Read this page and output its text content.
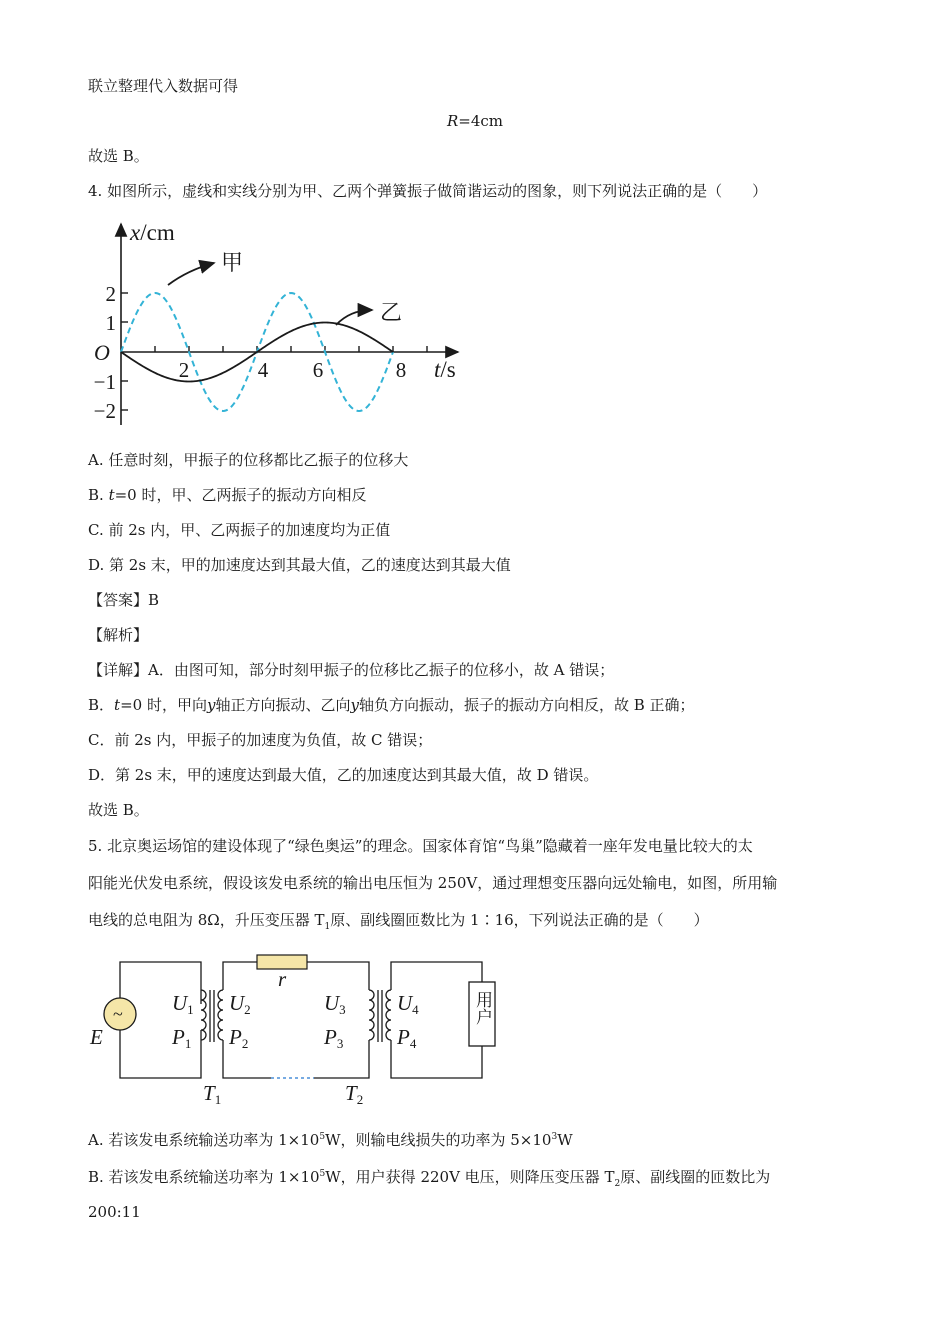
联立整理代入数据可得
R=4cm
故选 B。
4. 如图所示，虚线和实线分别为甲、乙两个弹簧振子做简谐运动的图象，则下列说法正确的是（　　）
x/cm
t/s
O
2
1
−1
−2
2	4 6	8
甲
乙
A. 任意时刻，甲振子的位移都比乙振子的位移大
B. t=0 时，甲、乙两振子的振动方向相反
C. 前 2s 内，甲、乙两振子的加速度均为正值
D. 第 2s 末，甲的加速度达到其最大值，乙的速度达到其最大值
【答案】B
【解析】
【详解】A．由图可知，部分时刻甲振子的位移比乙振子的位移小，故 A 错误；
B．t=0 时，甲向y轴正方向振动、乙向y轴负方向振动，振子的振动方向相反，故 B 正确；
C．前 2s 内，甲振子的加速度为负值，故 C 错误；
D．第 2s 末，甲的速度达到最大值，乙的加速度达到其最大值，故 D 错误。
故选 B。
5. 北京奥运场馆的建设体现了“绿色奥运”的理念。国家体育馆“鸟巢”隐藏着一座年发电量比较大的太
阳能光伏发电系统，假设该发电系统的输出电压恒为 250V，通过理想变压器向远处输电，如图，所用输
电线的总电阻为 8Ω，升压变压器 $T_1$原、副线圈匝数比为 1∶16，下列说法正确的是（　　）
用户
~
E
r
U1
P1
U2
P2
U3
P3
U4
P4
T1	T2
A. 若该发电系统输送功率为 $1\times 10^5W$，则输电线损失的功率为 $5\times 10^3W$
B. 若该发电系统输送功率为 $1\times 10^5W$，用户获得 220V 电压，则降压变压器 $T_2$原、副线圈的匝数比为
200:11
